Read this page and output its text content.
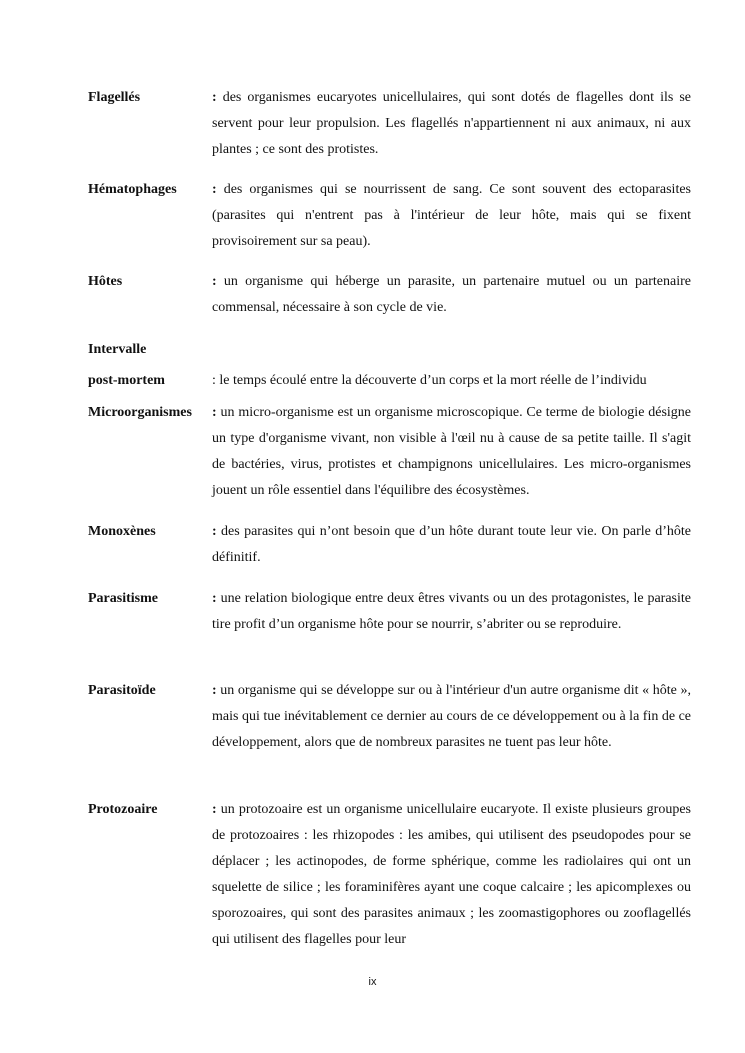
Flagellés	: des organismes eucaryotes unicellulaires, qui sont dotés de flagelles dont ils se servent pour leur propulsion. Les flagellés n'appartiennent ni aux animaux, ni aux plantes ; ce sont des protistes.
Hématophages	: des organismes qui se nourrissent de sang. Ce sont souvent des ectoparasites (parasites qui n'entrent pas à l'intérieur de leur hôte, mais qui se fixent provisoirement sur sa peau).
Hôtes	: un organisme qui héberge un parasite, un partenaire mutuel ou un partenaire commensal, nécessaire à son cycle de vie.
Intervalle
post-mortem	: le temps écoulé entre la découverte d’un corps et la mort réelle de l’individu
Microorganismes	: un micro-organisme est un organisme microscopique. Ce terme de biologie désigne un type d'organisme vivant, non visible à l'œil nu à cause de sa petite taille. Il s'agit de bactéries, virus, protistes et champignons unicellulaires. Les micro-organismes jouent un rôle essentiel dans l'équilibre des écosystèmes.
Monoxènes	: des parasites qui n’ont besoin que d’un hôte durant toute leur vie. On parle d’hôte définitif.
Parasitisme	: une relation biologique entre deux êtres vivants ou un des protagonistes, le parasite tire profit d’un organisme hôte pour se nourrir, s’abriter ou se reproduire.
Parasitoïde	: un organisme qui se développe sur ou à l'intérieur d'un autre organisme dit « hôte », mais qui tue inévitablement ce dernier au cours de ce développement ou à la fin de ce développement, alors que de nombreux parasites ne tuent pas leur hôte.
Protozoaire	: un protozoaire est un organisme unicellulaire eucaryote. Il existe plusieurs groupes de protozoaires : les rhizopodes : les amibes, qui utilisent des pseudopodes pour se déplacer ; les actinopodes, de forme sphérique, comme les radiolaires qui ont un squelette de silice ; les foraminifères ayant une coque calcaire ; les apicomplexes ou sporozoaires, qui sont des parasites animaux ; les zoomastigophores ou zooflagellés qui utilisent des flagelles pour leur
ix
